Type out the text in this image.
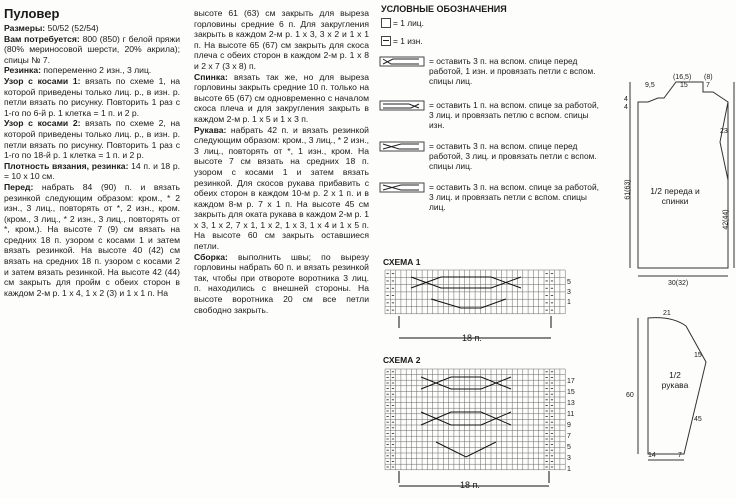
Пуловер

Размеры: 50/52 (52/54)

Вам потребуется: 800 (850) г белой пряжи (80% мериносовой шерсти, 20% акрила); спицы № 7.

Резинка: попеременно 2 изн., 3 лиц.

Узор с косами 1: вязать по схеме 1, на которой приведены только лиц. р., в изн. р. петли вязать по рисунку. Повторить 1 раз с 1-го по 6-й р. 1 клетка = 1 п. и 2 р.

Узор с косами 2: вязать по схеме 2, на которой приведены только лиц. р., в изн. р. петли вязать по рисунку. Повторить 1 раз с 1-го по 18-й р. 1 клетка = 1 п. и 2 р.

Плотность вязания, резинка: 14 п. и 18 р. = 10 х 10 см.

Перед: набрать 84 (90) п. и вязать резинкой следующим образом: кром., * 2 изн., 3 лиц., повторять от *, 2 изн., кром. (кром., 3 лиц., * 2 изн., 3 лиц., повторять от *, кром.). На высоте 7 (9) см вязать на средних 18 п. узором с косами 1 и затем вязать резинкой. На высоте 40 (42) см вязать на средних 18 п. узором с косами 2 и затем вязать резинкой. На высоте 42 (44) см закрыть для пройм с обеих сторон в каждом 2-м р. 1 х 4, 1 х 2 (3) и 1 х 1 п. На

высоте 61 (63) см закрыть для выреза горловины средние 6 п. Для закругления закрыть в каждом 2-м р. 1 х 3, 3 х 2 и 1 х 1 п. На высоте 65 (67) см закрыть для скоса плеча с обеих сторон в каждом 2-м р. 1 х 8 и 2 х 7 (3 х 8) п.

Спинка: вязать так же, но для выреза горловины закрыть средние 10 п. только на высоте 65 (67) см одновременно с началом скоса плеча и для закругления закрыть в каждом 2-м р. 1 х 5 и 1 х 3 п.

Рукава: набрать 42 п. и вязать резинкой следующим образом: кром., 3 лиц., * 2 изн., 3 лиц., повторять от *, 1 изн., кром. На высоте 7 см вязать на средних 18 п. узором с косами 1 и затем вязать резинкой. Для скосов рукава прибавить с обеих сторон в каждом 10-м р. 2 х 1 п. и в каждом 8-м р. 7 х 1 п. На высоте 45 см закрыть для оката рукава в каждом 2-м р. 1 х 3, 1 х 2, 7 х 1, 1 х 2, 1 х 3, 1 х 4 и 1 х 5 п. На высоте 60 см закрыть оставшиеся петли.

Сборка: выполнить швы; по вырезу горловины набрать 60 п. и вязать резинкой так, чтобы при отвороте воротника 3 лиц. п. находились с внешней стороны. На высоте воротника 20 см все петли свободно закрыть.

УСЛОВНЫЕ ОБОЗНАЧЕНИЯ
= 1 лиц.
= 1 изн.
= оставить 3 п. на вспом. спице перед работой, 1 изн. и провязать петли с вспом. спицы лиц.
= оставить 1 п. на вспом. спице за работой, 3 лиц. и провязать петлю с вспом. спицы изн.
= оставить 3 п. на вспом. спице перед работой, 3 лиц. и провязать петли с вспом. спицы лиц.
= оставить 3 п. на вспом. спице за работой, 3 лиц. и провязать петли с вспом. спицы лиц.
СХЕМА 1
18 п.
5
3
1
СХЕМА 2
18 п.
17
15
13
11
9
7
5
3
1
9,5
(16,5)
15
(8)
7
4
4
23
61(63)
42(44)
1/2 переда и спинки
30(32)
21
60
15
45
1/2 рукава
14	7
